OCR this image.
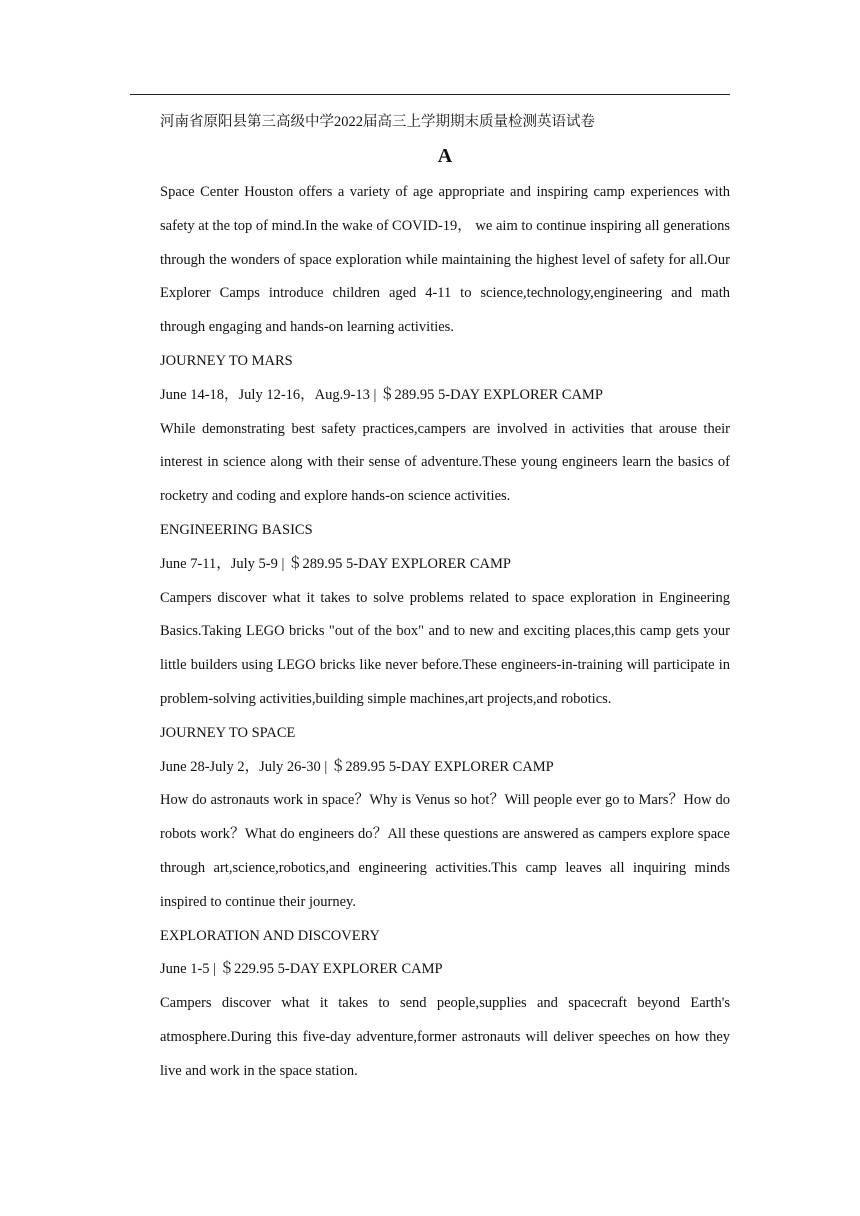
河南省原阳县第三高级中学2022届高三上学期期末质量检测英语试卷

A

Space Center Houston offers a variety of age appropriate and inspiring camp experiences with safety at the top of mind.In the wake of COVID-19， we aim to continue inspiring all generations through the wonders of space exploration while maintaining the highest level of safety for all.Our Explorer Camps introduce children aged 4-11 to science,technology,engineering and math through engaging and hands-on learning activities.

JOURNEY TO MARS

June 14-18，July 12-16，Aug.9-13 | ＄289.95 5-DAY EXPLORER CAMP

While demonstrating best safety practices,campers are involved in activities that arouse their interest in science along with their sense of adventure.These young engineers learn the basics of rocketry and coding and explore hands-on science activities.

ENGINEERING BASICS

June 7-11，July 5-9 | ＄289.95 5-DAY EXPLORER CAMP

Campers discover what it takes to solve problems related to space exploration in Engineering Basics.Taking LEGO bricks "out of the box" and to new and exciting places,this camp gets your little builders using LEGO bricks like never before.These engineers-in-training will participate in problem-solving activities,building simple machines,art projects,and robotics.

JOURNEY TO SPACE

June 28-July 2，July 26-30 | ＄289.95 5-DAY EXPLORER CAMP

How do astronauts work in space？Why is Venus so hot？Will people ever go to Mars？How do robots work？What do engineers do？All these questions are answered as campers explore space through art,science,robotics,and engineering activities.This camp leaves all inquiring minds inspired to continue their journey.

EXPLORATION AND DISCOVERY

June 1-5 | ＄229.95 5-DAY EXPLORER CAMP

Campers discover what it takes to send people,supplies and spacecraft beyond Earth's atmosphere.During this five-day adventure,former astronauts will deliver speeches on how they live and work in the space station.
